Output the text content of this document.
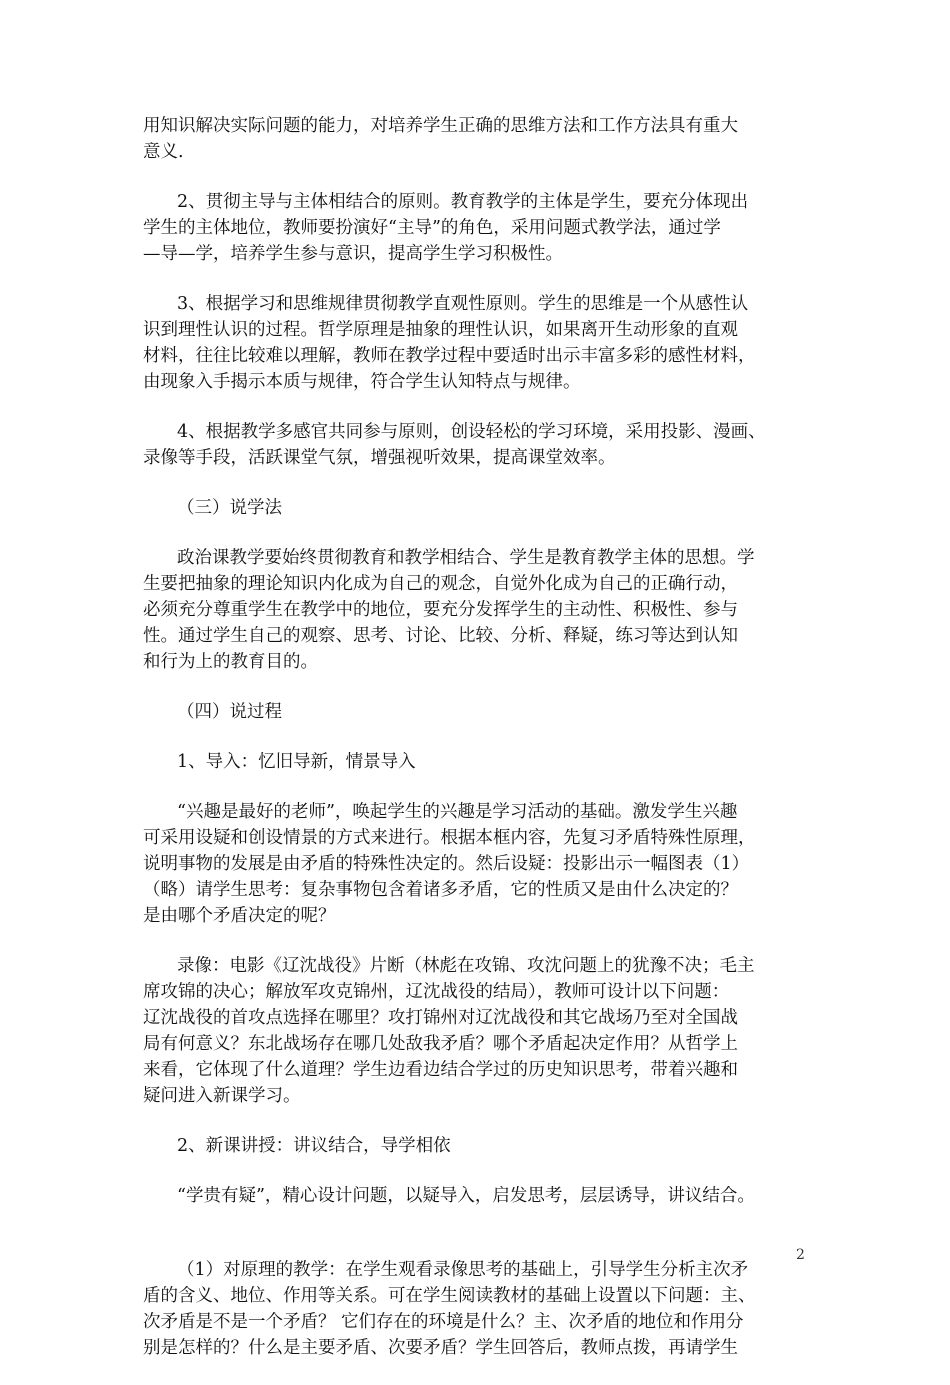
用知识解决实际问题的能力，对培养学生正确的思维方法和工作方法具有重大
意义.

2、贯彻主导与主体相结合的原则。教育教学的主体是学生，要充分体现出
学生的主体地位，教师要扮演好“主导”的角色，采用问题式教学法，通过学
—导—学，培养学生参与意识，提高学生学习积极性。

3、根据学习和思维规律贯彻教学直观性原则。学生的思维是一个从感性认
识到理性认识的过程。哲学原理是抽象的理性认识，如果离开生动形象的直观
材料，往往比较难以理解，教师在教学过程中要适时出示丰富多彩的感性材料，
由现象入手揭示本质与规律，符合学生认知特点与规律。

4、根据教学多感官共同参与原则，创设轻松的学习环境，采用投影、漫画、
录像等手段，活跃课堂气氛，增强视听效果，提高课堂效率。

（三）说学法

政治课教学要始终贯彻教育和教学相结合、学生是教育教学主体的思想。学
生要把抽象的理论知识内化成为自己的观念，自觉外化成为自己的正确行动，
必须充分尊重学生在教学中的地位，要充分发挥学生的主动性、积极性、参与
性。通过学生自己的观察、思考、讨论、比较、分析、释疑，练习等达到认知
和行为上的教育目的。

（四）说过程

1、导入：忆旧导新，情景导入

“兴趣是最好的老师”，唤起学生的兴趣是学习活动的基础。激发学生兴趣
可采用设疑和创设情景的方式来进行。根据本框内容，先复习矛盾特殊性原理，
说明事物的发展是由矛盾的特殊性决定的。然后设疑：投影出示一幅图表（1）
（略）请学生思考：复杂事物包含着诸多矛盾，它的性质又是由什么决定的？
是由哪个矛盾决定的呢？

录像：电影《辽沈战役》片断（林彪在攻锦、攻沈问题上的犹豫不决；毛主
席攻锦的决心；解放军攻克锦州，辽沈战役的结局），教师可设计以下问题：
辽沈战役的首攻点选择在哪里？攻打锦州对辽沈战役和其它战场乃至对全国战
局有何意义？东北战场存在哪几处敌我矛盾？哪个矛盾起决定作用？从哲学上
来看，它体现了什么道理？学生边看边结合学过的历史知识思考，带着兴趣和
疑问进入新课学习。

2、新课讲授：讲议结合，导学相依

“学贵有疑”，精心设计问题，以疑导入，启发思考，层层诱导，讲议结合。

（1）对原理的教学：在学生观看录像思考的基础上，引导学生分析主次矛
盾的含义、地位、作用等关系。可在学生阅读教材的基础上设置以下问题：主、
次矛盾是不是一个矛盾？ 它们存在的环境是什么？主、次矛盾的地位和作用分
别是怎样的？什么是主要矛盾、次要矛盾？学生回答后，教师点拨，再请学生

2
